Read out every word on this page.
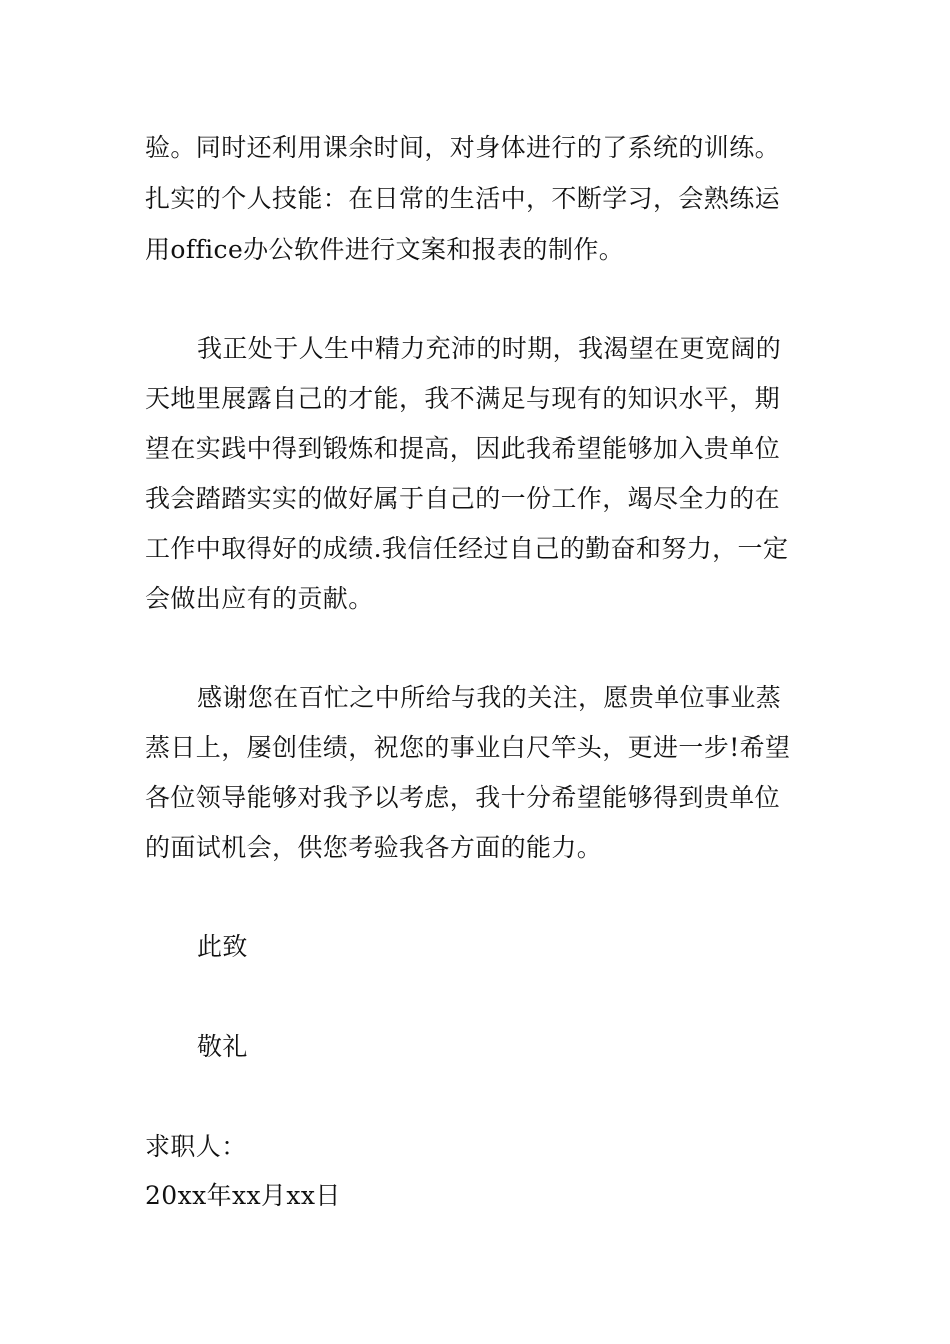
验。同时还利用课余时间，对身体进行的了系统的训练。
扎实的个人技能：在日常的生活中，不断学习，会熟练运
用office办公软件进行文案和报表的制作。
我正处于人生中精力充沛的时期，我渴望在更宽阔的
天地里展露自己的才能，我不满足与现有的知识水平，期
望在实践中得到锻炼和提高，因此我希望能够加入贵单位
我会踏踏实实的做好属于自己的一份工作，竭尽全力的在
工作中取得好的成绩.我信任经过自己的勤奋和努力，一定
会做出应有的贡献。
感谢您在百忙之中所给与我的关注，愿贵单位事业蒸
蒸日上，屡创佳绩，祝您的事业白尺竿头，更进一步!希望
各位领导能够对我予以考虑，我十分希望能够得到贵单位
的面试机会，供您考验我各方面的能力。
此致
敬礼
求职人：
20xx年xx月xx日
